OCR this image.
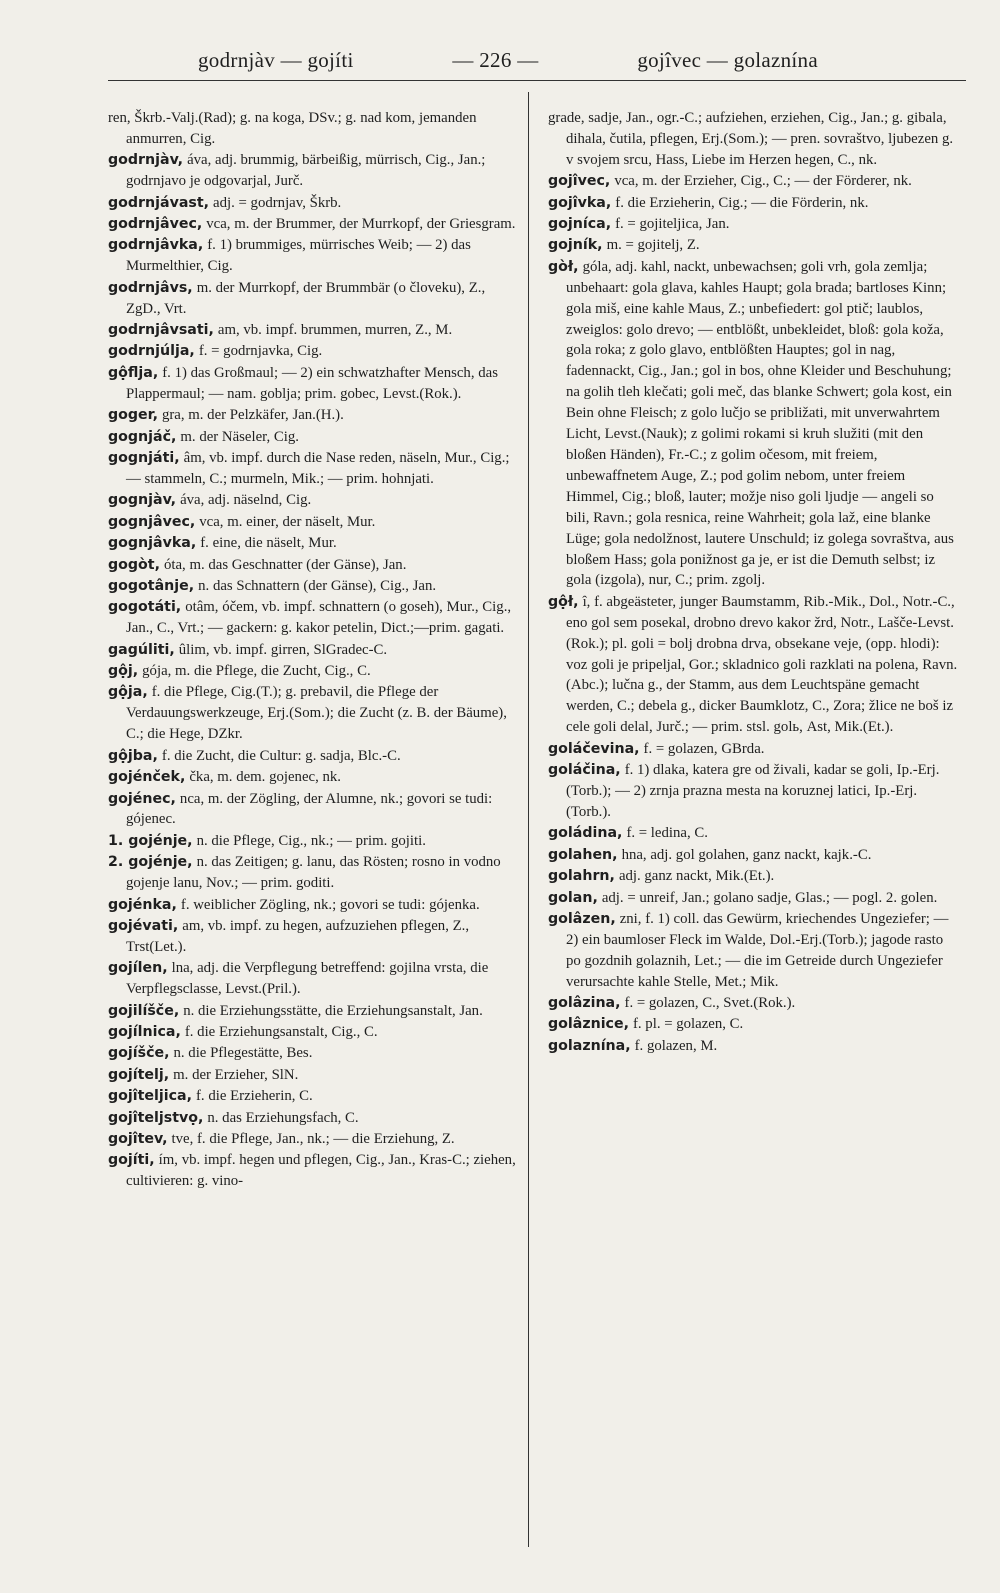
godrnjàv — gojíti	— 226 —	gojîvec — golaznína

ren, Škrb.-Valj.(Rad); g. na koga, DSv.; g. nad kom, jemanden anmurren, Cig.

godrnjàv, áva, adj. brummig, bärbeißig, mürrisch, Cig., Jan.; godrnjavo je odgovarjal, Jurč.

godrnjávast, adj. = godrnjav, Škrb.

godrnjâvec, vca, m. der Brummer, der Murrkopf, der Griesgram.

godrnjâvka, f. 1) brummiges, mürrisches Weib; — 2) das Murmelthier, Cig.

godrnjâvs, m. der Murrkopf, der Brummbär (o človeku), Z., ZgD., Vrt.

godrnjâvsati, am, vb. impf. brummen, murren, Z., M.

godrnjúlja, f. = godrnjavka, Cig.

gộflja, f. 1) das Großmaul; — 2) ein schwatzhafter Mensch, das Plappermaul; — nam. goblja; prim. gobec, Levst.(Rok.).

goger, gra, m. der Pelzkäfer, Jan.(H.).

gognjáč, m. der Näseler, Cig.

gognjáti, âm, vb. impf. durch die Nase reden, näseln, Mur., Cig.; — stammeln, C.; murmeln, Mik.; — prim. hohnjati.

gognjàv, áva, adj. näselnd, Cig.

gognjâvec, vca, m. einer, der näselt, Mur.

gognjâvka, f. eine, die näselt, Mur.

gogòt, óta, m. das Geschnatter (der Gänse), Jan.

gogotânje, n. das Schnattern (der Gänse), Cig., Jan.

gogotáti, otâm, óčem, vb. impf. schnattern (o goseh), Mur., Cig., Jan., C., Vrt.; — gackern: g. kakor petelin, Dict.;—prim. gagati.

gagúliti, ûlim, vb. impf. girren, SlGradec-C.

gộj, gója, m. die Pflege, die Zucht, Cig., C.

gộja, f. die Pflege, Cig.(T.); g. prebavil, die Pflege der Verdauungswerkzeuge, Erj.(Som.); die Zucht (z. B. der Bäume), C.; die Hege, DZkr.

gộjba, f. die Zucht, die Cultur: g. sadja, Blc.-C.

gojénček, čka, m. dem. gojenec, nk.

gojénec, nca, m. der Zögling, der Alumne, nk.; govori se tudi: gójenec.

1. gojénje, n. die Pflege, Cig., nk.; — prim. gojiti.

2. gojénje, n. das Zeitigen; g. lanu, das Rösten; rosno in vodno gojenje lanu, Nov.; — prim. goditi.

gojénka, f. weiblicher Zögling, nk.; govori se tudi: gójenka.

gojévati, am, vb. impf. zu hegen, aufzuziehen pflegen, Z., Trst(Let.).

gojílen, lna, adj. die Verpflegung betreffend: gojilna vrsta, die Verpflegsclasse, Levst.(Pril.).

gojilíšče, n. die Erziehungsstätte, die Erziehungsanstalt, Jan.

gojílnica, f. die Erziehungsanstalt, Cig., C.

gojíšče, n. die Pflegestätte, Bes.

gojítelj, m. der Erzieher, SlN.

gojîteljica, f. die Erzieherin, C.

gojîteljstvọ, n. das Erziehungsfach, C.

gojîtev, tve, f. die Pflege, Jan., nk.; — die Erziehung, Z.

gojíti, ím, vb. impf. hegen und pflegen, Cig., Jan., Kras-C.; ziehen, cultivieren: g. vino-

grade, sadje, Jan., ogr.-C.; aufziehen, erziehen, Cig., Jan.; g. gibala, dihala, čutila, pflegen, Erj.(Som.); — pren. sovraštvo, ljubezen g. v svojem srcu, Hass, Liebe im Herzen hegen, C., nk.

gojîvec, vca, m. der Erzieher, Cig., C.; — der Förderer, nk.

gojîvka, f. die Erzieherin, Cig.; — die Förderin, nk.

gojníca, f. = gojiteljica, Jan.

gojník, m. = gojitelj, Z.

gòł, góla, adj. kahl, nackt, unbewachsen; goli vrh, gola zemlja; unbehaart: gola glava, kahles Haupt; gola brada; bartloses Kinn; gola miš, eine kahle Maus, Z.; unbefiedert: gol ptič; laublos, zweiglos: golo drevo; — entblößt, unbekleidet, bloß: gola koža, gola roka; z golo glavo, entblößten Hauptes; gol in nag, fadennackt, Cig., Jan.; gol in bos, ohne Kleider und Beschuhung; na golih tleh klečati; goli meč, das blanke Schwert; gola kost, ein Bein ohne Fleisch; z golo lučjo se približati, mit unverwahrtem Licht, Levst.(Nauk); z golimi rokami si kruh služiti (mit den bloßen Händen), Fr.-C.; z golim očesom, mit freiem, unbewaffnetem Auge, Z.; pod golim nebom, unter freiem Himmel, Cig.; bloß, lauter; možje niso goli ljudje — angeli so bili, Ravn.; gola resnica, reine Wahrheit; gola laž, eine blanke Lüge; gola nedolžnost, lautere Unschuld; iz golega sovraštva, aus bloßem Hass; gola ponižnost ga je, er ist die Demuth selbst; iz gola (izgola), nur, C.; prim. zgolj.

gộł, î, f. abgeästeter, junger Baumstamm, Rib.-Mik., Dol., Notr.-C., eno gol sem posekal, drobno drevo kakor žrd, Notr., Lašče-Levst.(Rok.); pl. goli = bolj drobna drva, obsekane veje, (opp. hlodi): voz goli je pripeljal, Gor.; skladnico goli razklati na polena, Ravn.(Abc.); lučna g., der Stamm, aus dem Leuchtspäne gemacht werden, C.; debela g., dicker Baumklotz, C., Zora; žlice ne boš iz cele goli delal, Jurč.; — prim. stsl. golь, Ast, Mik.(Et.).

goláčevina, f. = golazen, GBrda.

goláčina, f. 1) dlaka, katera gre od živali, kadar se goli, Ip.-Erj.(Torb.); — 2) zrnja prazna mesta na koruznej latici, Ip.-Erj.(Torb.).

goládina, f. = ledina, C.

golahen, hna, adj. gol golahen, ganz nackt, kajk.-C.

golahrn, adj. ganz nackt, Mik.(Et.).

golan, adj. = unreif, Jan.; golano sadje, Glas.; — pogl. 2. golen.

golâzen, zni, f. 1) coll. das Gewürm, kriechendes Ungeziefer; — 2) ein baumloser Fleck im Walde, Dol.-Erj.(Torb.); jagode rasto po gozdnih golaznih, Let.; — die im Getreide durch Ungeziefer verursachte kahle Stelle, Met.; Mik.

golâzina, f. = golazen, C., Svet.(Rok.).

golâznice, f. pl. = golazen, C.

golaznína, f. golazen, M.
